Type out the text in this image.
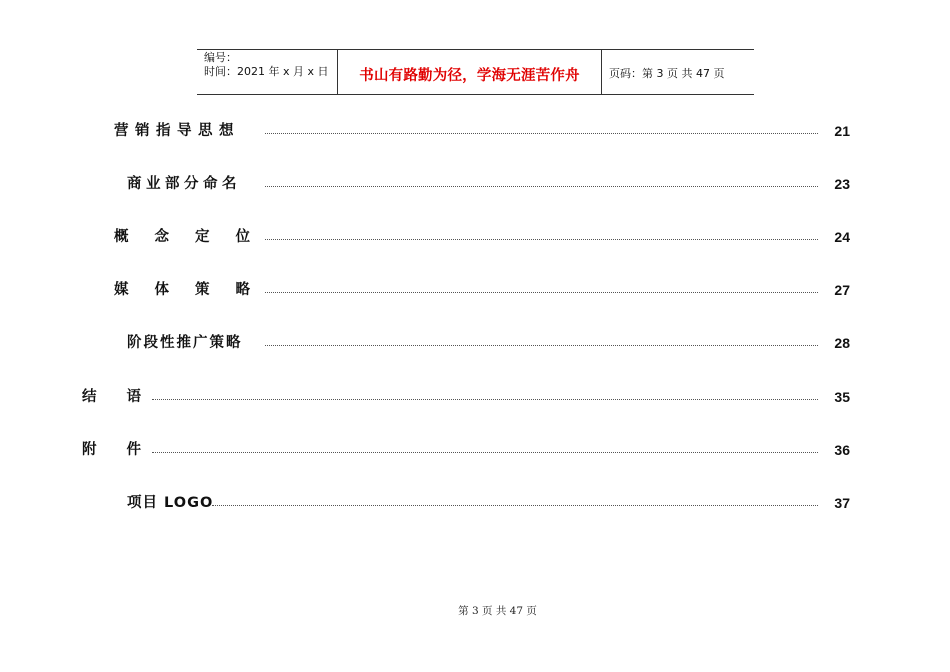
编号：
时间：2021 年 x 月 x 日	书山有路勤为径，学海无涯苦作舟	页码：第 3 页 共 47 页
营销指导思想	21
商业部分命名	23
概念定位	24
媒体策略	27
阶段性推广策略	28
结语	35
附件	36
项目 LOGO	37
第 3 页 共 47 页
